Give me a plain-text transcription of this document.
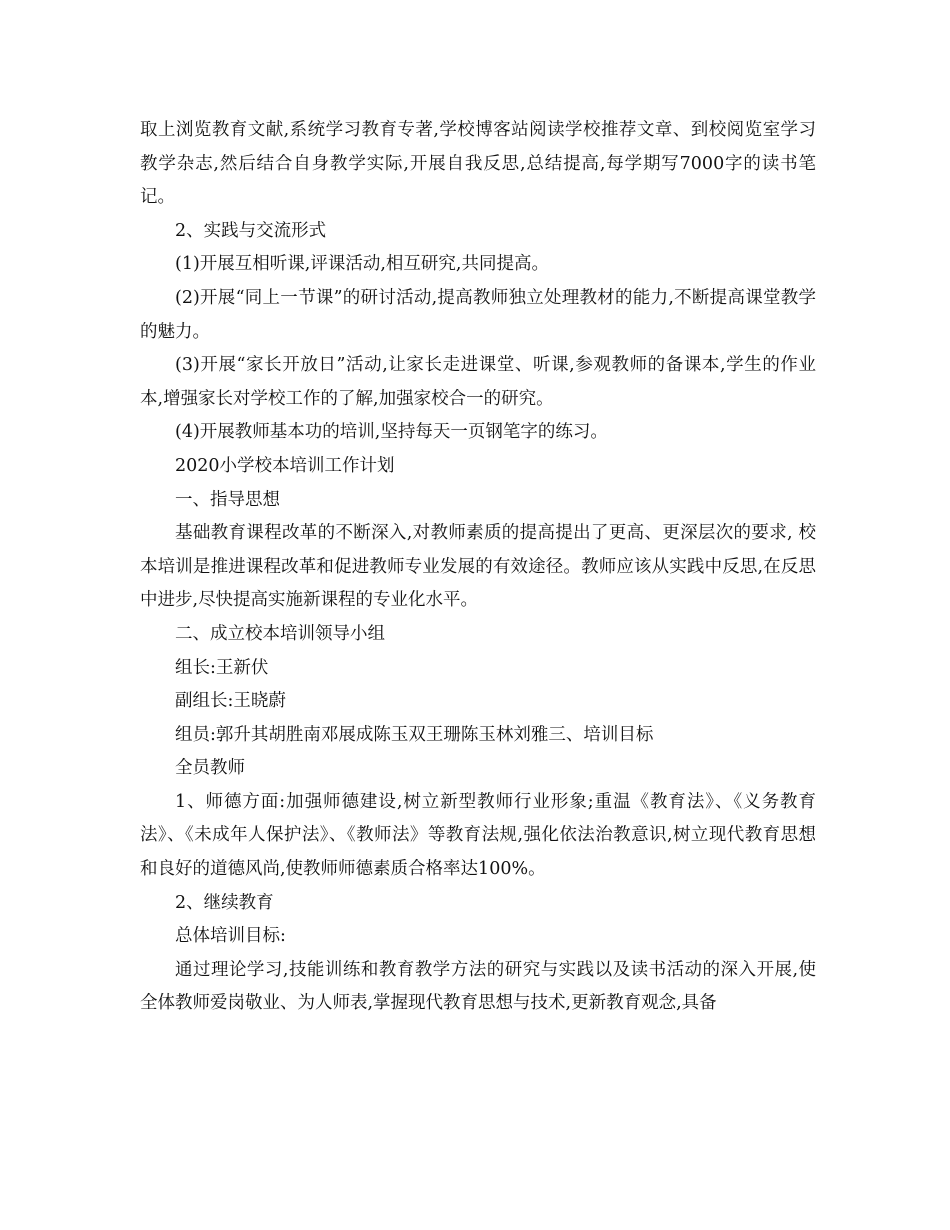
取上浏览教育文献,系统学习教育专著,学校博客站阅读学校推荐文章、到校阅览室学习教学杂志,然后结合自身教学实际,开展自我反思,总结提高,每学期写7000字的读书笔记。

2、实践与交流形式

(1)开展互相听课,评课活动,相互研究,共同提高。

(2)开展“同上一节课”的研讨活动,提高教师独立处理教材的能力,不断提高课堂教学的魅力。

(3)开展“家长开放日”活动,让家长走进课堂、听课,参观教师的备课本,学生的作业本,增强家长对学校工作的了解,加强家校合一的研究。

(4)开展教师基本功的培训,坚持每天一页钢笔字的练习。

2020小学校本培训工作计划

一、指导思想

基础教育课程改革的不断深入,对教师素质的提高提出了更高、更深层次的要求, 校本培训是推进课程改革和促进教师专业发展的有效途径。教师应该从实践中反思,在反思中进步,尽快提高实施新课程的专业化水平。

二、成立校本培训领导小组

组长:王新伏

副组长:王晓蔚

组员:郭升其胡胜南邓展成陈玉双王珊陈玉林刘雅三、培训目标

全员教师

1、师德方面:加强师德建设,树立新型教师行业形象;重温《教育法》、《义务教育法》、《未成年人保护法》、《教师法》等教育法规,强化依法治教意识,树立现代教育思想和良好的道德风尚,使教师师德素质合格率达100%。

2、继续教育

总体培训目标:

通过理论学习,技能训练和教育教学方法的研究与实践以及读书活动的深入开展,使全体教师爱岗敬业、为人师表,掌握现代教育思想与技术,更新教育观念,具备
